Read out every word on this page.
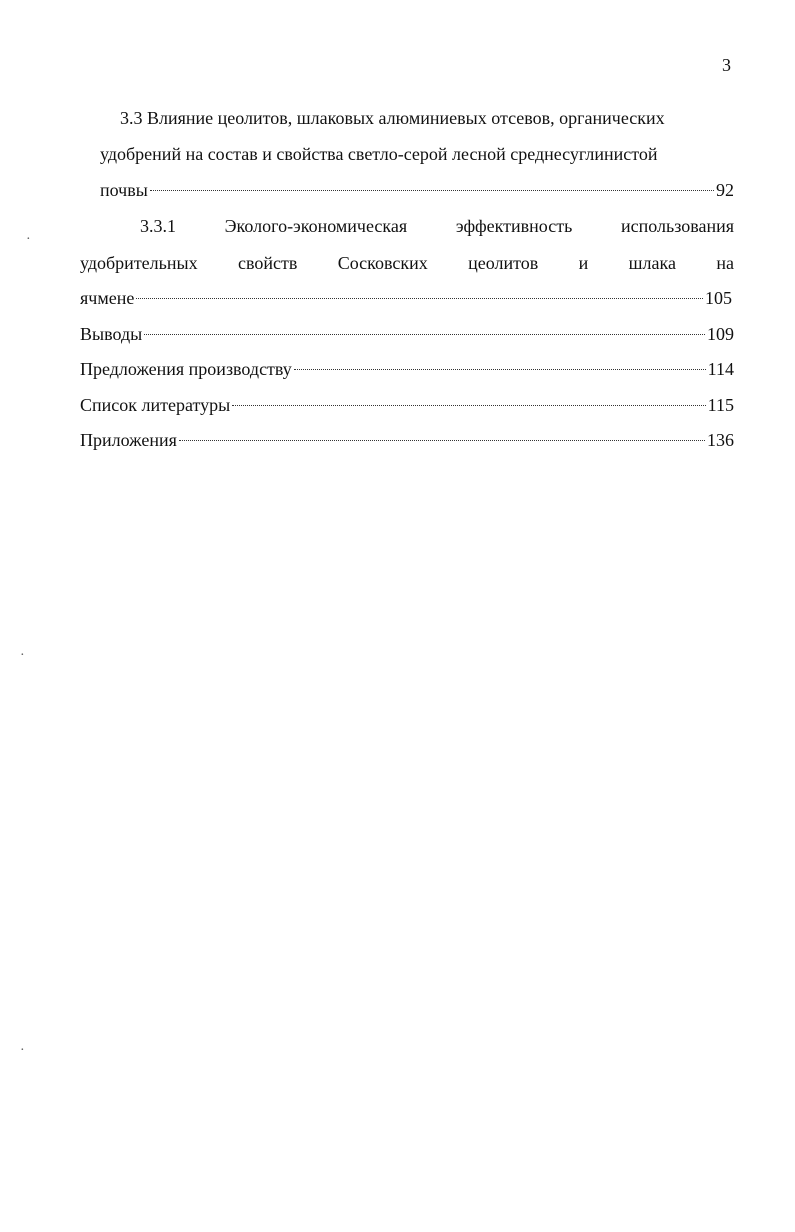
3
3.3 Влияние цеолитов, шлаковых алюминиевых отсевов, органических
удобрений на состав и свойства светло-серой лесной среднесуглинистой
почвы	92
3.3.1	Эколого-экономическая	эффективность	использования
удобрительных свойств Сосковских цеолитов и шлака на
ячмене	105
Выводы	109
Предложения производству	114
Список литературы	115
Приложения	136
·
·
·
